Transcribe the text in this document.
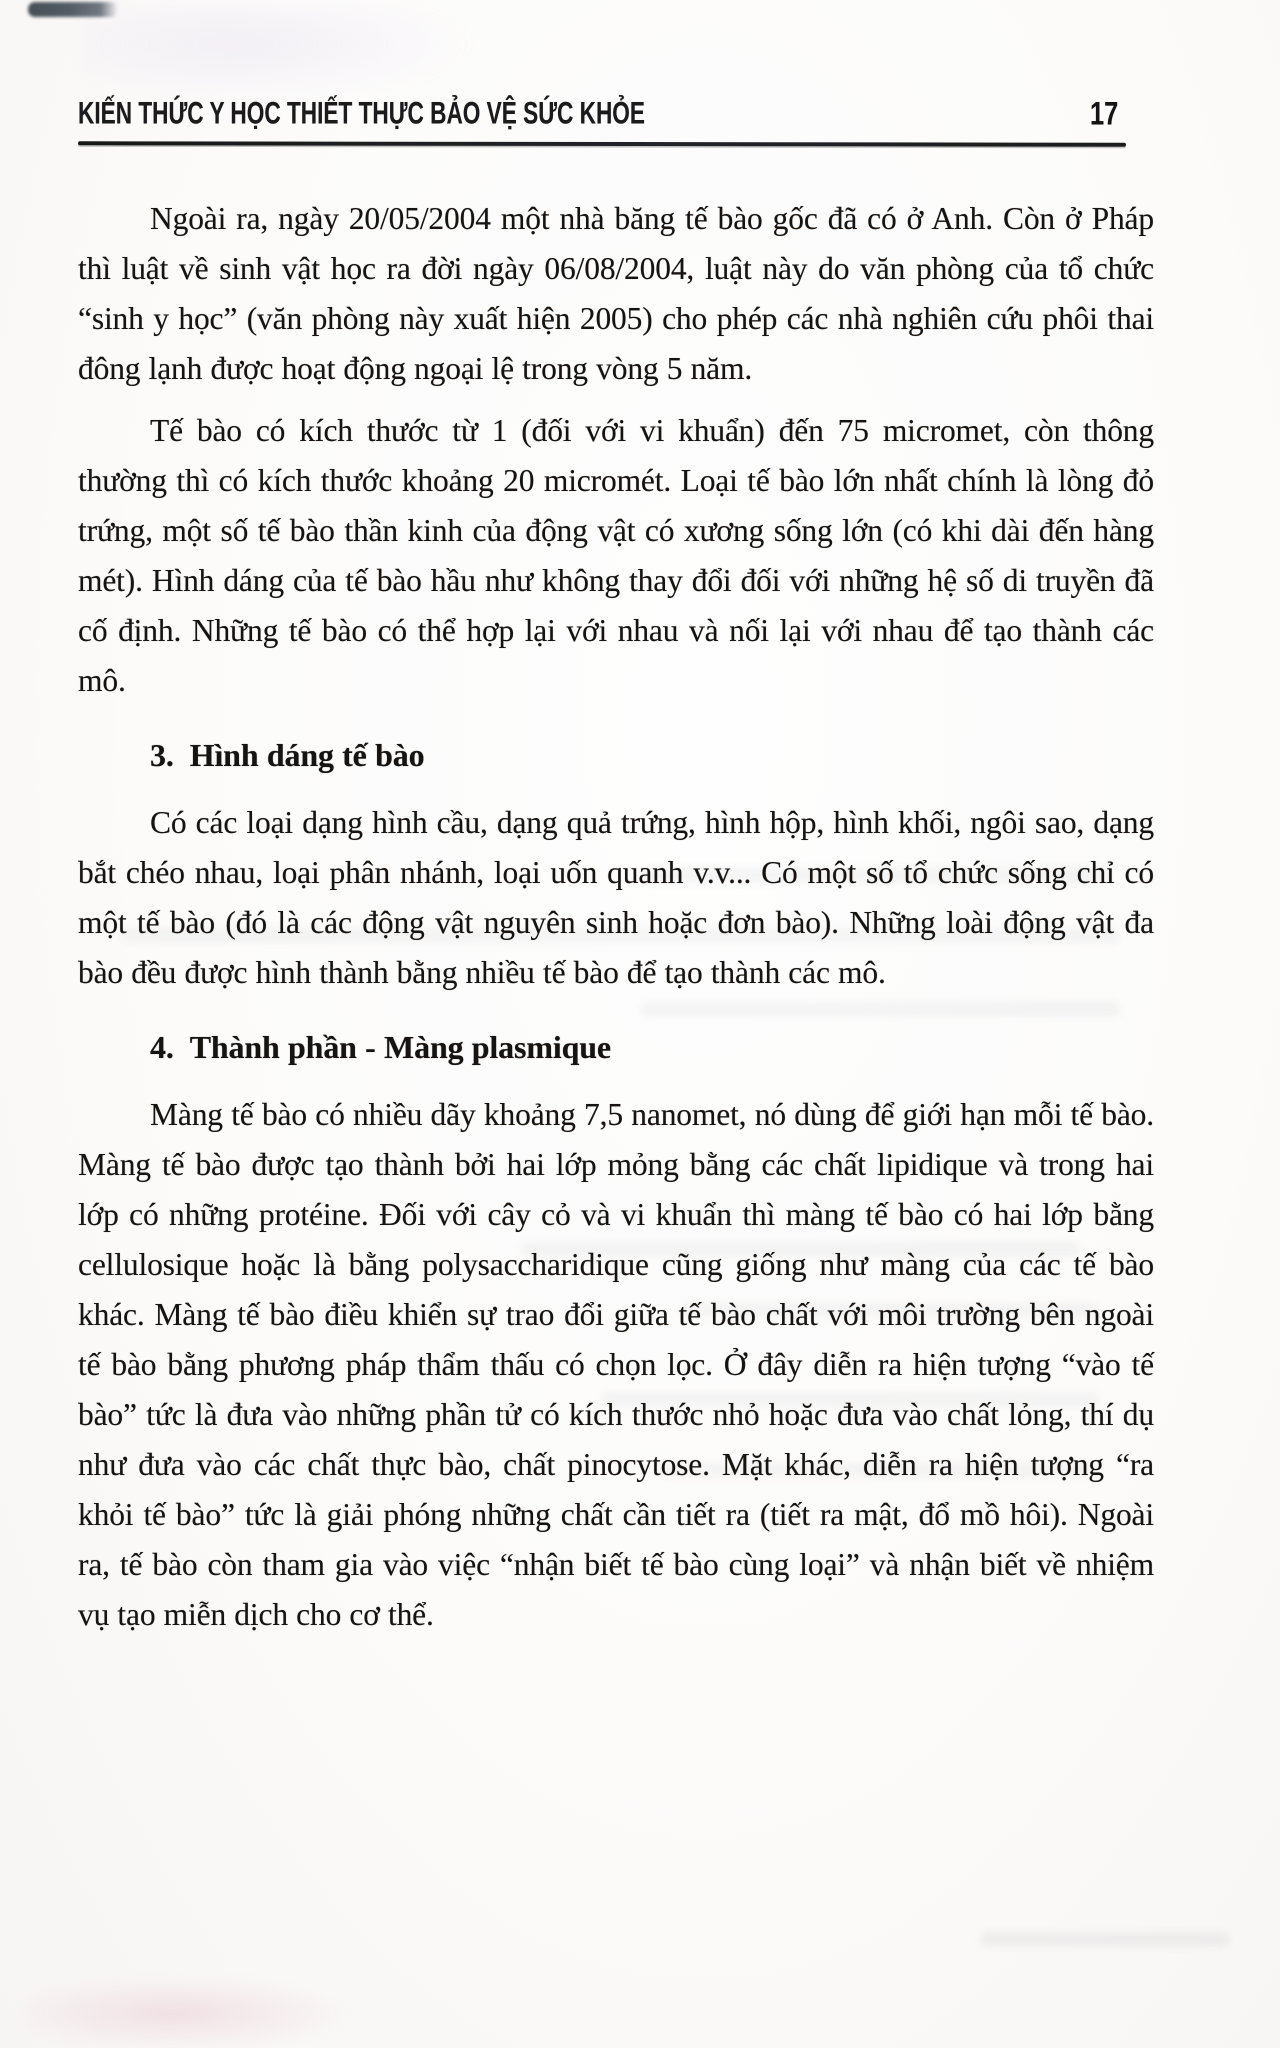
KIẾN THỨC Y HỌC THIẾT THỰC BẢO VỆ SỨC KHỎE	17

Ngoài ra, ngày 20/05/2004 một nhà băng tế bào gốc đã có ở Anh. Còn ở Pháp thì luật về sinh vật học ra đời ngày 06/08/2004, luật này do văn phòng của tổ chức “sinh y học” (văn phòng này xuất hiện 2005) cho phép các nhà nghiên cứu phôi thai đông lạnh được hoạt động ngoại lệ trong vòng 5 năm.

Tế bào có kích thước từ 1 (đối với vi khuẩn) đến 75 micromet, còn thông thường thì có kích thước khoảng 20 micromét. Loại tế bào lớn nhất chính là lòng đỏ trứng, một số tế bào thần kinh của động vật có xương sống lớn (có khi dài đến hàng mét). Hình dáng của tế bào hầu như không thay đổi đối với những hệ số di truyền đã cố định. Những tế bào có thể hợp lại với nhau và nối lại với nhau để tạo thành các mô.

3. Hình dáng tế bào

Có các loại dạng hình cầu, dạng quả trứng, hình hộp, hình khối, ngôi sao, dạng bắt chéo nhau, loại phân nhánh, loại uốn quanh v.v... Có một số tổ chức sống chỉ có một tế bào (đó là các động vật nguyên sinh hoặc đơn bào). Những loài động vật đa bào đều được hình thành bằng nhiều tế bào để tạo thành các mô.

4. Thành phần - Màng plasmique

Màng tế bào có nhiều dãy khoảng 7,5 nanomet, nó dùng để giới hạn mỗi tế bào. Màng tế bào được tạo thành bởi hai lớp mỏng bằng các chất lipidique và trong hai lớp có những protéine. Đối với cây cỏ và vi khuẩn thì màng tế bào có hai lớp bằng cellulosique hoặc là bằng polysaccharidique cũng giống như màng của các tế bào khác. Màng tế bào điều khiển sự trao đổi giữa tế bào chất với môi trường bên ngoài tế bào bằng phương pháp thẩm thấu có chọn lọc. Ở đây diễn ra hiện tượng “vào tế bào” tức là đưa vào những phần tử có kích thước nhỏ hoặc đưa vào chất lỏng, thí dụ như đưa vào các chất thực bào, chất pinocytose. Mặt khác, diễn ra hiện tượng “ra khỏi tế bào” tức là giải phóng những chất cần tiết ra (tiết ra mật, đổ mồ hôi). Ngoài ra, tế bào còn tham gia vào việc “nhận biết tế bào cùng loại” và nhận biết về nhiệm vụ tạo miễn dịch cho cơ thể.
